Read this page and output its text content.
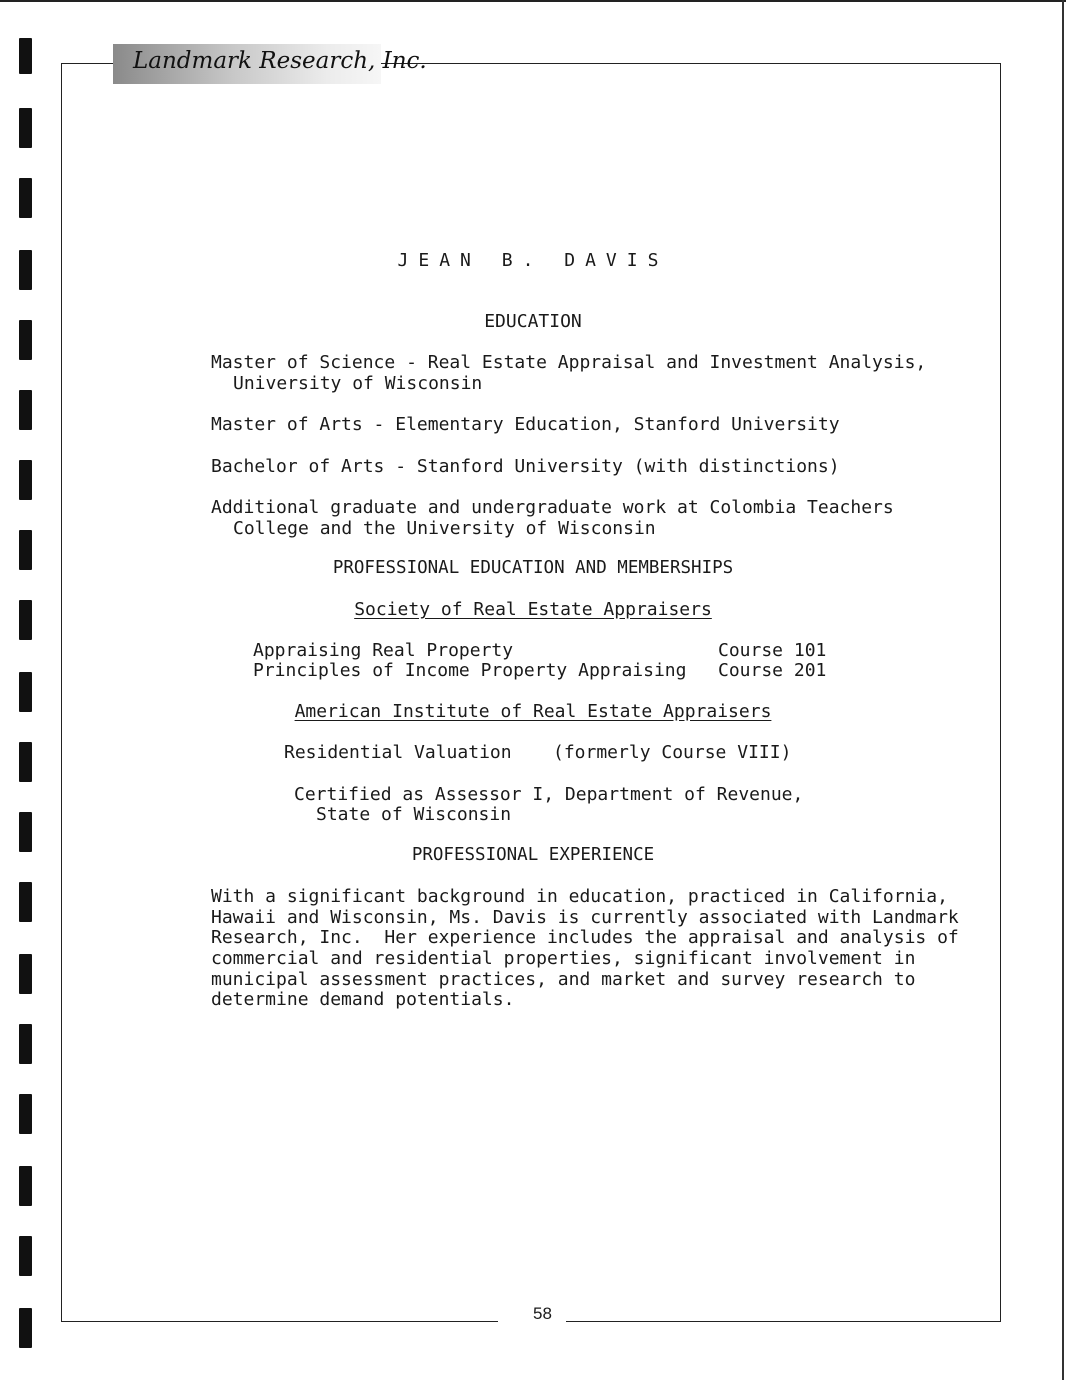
Landmark Research, Inc.
58
JEAN B. DAVIS
EDUCATION
Master of Science - Real Estate Appraisal and Investment Analysis,
University of Wisconsin
Master of Arts - Elementary Education, Stanford University
Bachelor of Arts - Stanford University (with distinctions)
Additional graduate and undergraduate work at Colombia Teachers
College and the University of Wisconsin
PROFESSIONAL EDUCATION AND MEMBERSHIPS
Society of Real Estate Appraisers
Appraising Real Property	Course 101
Principles of Income Property Appraising Course 201
American Institute of Real Estate Appraisers
Residential Valuation (formerly Course VIII)
Certified as Assessor I, Department of Revenue,
State of Wisconsin
PROFESSIONAL EXPERIENCE
With a significant background in education, practiced in California,
Hawaii and Wisconsin, Ms. Davis is currently associated with Landmark
Research, Inc.  Her experience includes the appraisal and analysis of
commercial and residential properties, significant involvement in
municipal assessment practices, and market and survey research to
determine demand potentials.
